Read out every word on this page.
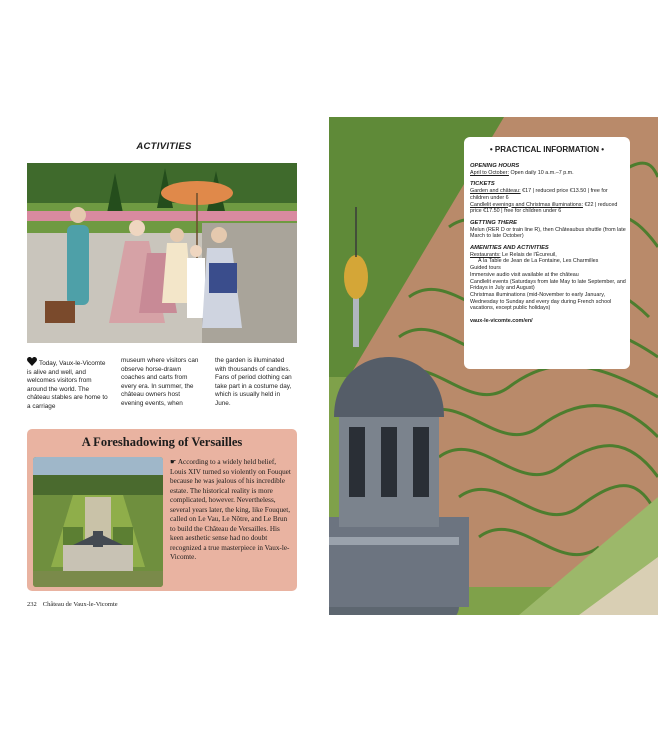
ACTIVITIES
Today, Vaux-le-Vicomte is alive and well, and welcomes visitors from around the world. The château stables are home to a carriage
museum where visitors can observe horse-drawn coaches and carts from every era. In summer, the château owners host evening events, when
the garden is illuminated with thousands of candles. Fans of period clothing can take part in a costume day, which is usually held in June.
A Foreshadowing of Versailles
☛ According to a widely held belief, Louis XIV turned so violently on Fouquet because he was jealous of his incredible estate. The historical reality is more complicated, however. Nevertheless, several years later, the king, like Fouquet, called on Le Vau, Le Nôtre, and Le Brun to build the Château de Versailles. His keen aesthetic sense had no doubt recognized a true masterpiece in Vaux-le-Vicomte.
232 Château de Vaux-le-Vicomte
• PRACTICAL INFORMATION •
OPENING HOURS

April to October: Open daily 10 a.m.–7 p.m.

TICKETS

Garden and château: €17 | reduced price €13.50 | free for children under 6

Candlelit evenings and Christmas illuminations: €22 | reduced price €17.50 | free for children under 6

GETTING THERE

Melun (RER D or train line R), then Châteaubus shuttle (from late March to late October)

AMENITIES AND ACTIVITIES

Restaurants: Le Relais de l'Écureuil,

À la Table de Jean de La Fontaine, Les Charmilles

Guided tours

Immersive audio visit available at the château

Candlelit events (Saturdays from late May to late September, and Fridays in July and August)

Christmas illuminations (mid-November to early January, Wednesday to Sunday and every day during French school vacations, except public holidays)

vaux-le-vicomte.com/en/
